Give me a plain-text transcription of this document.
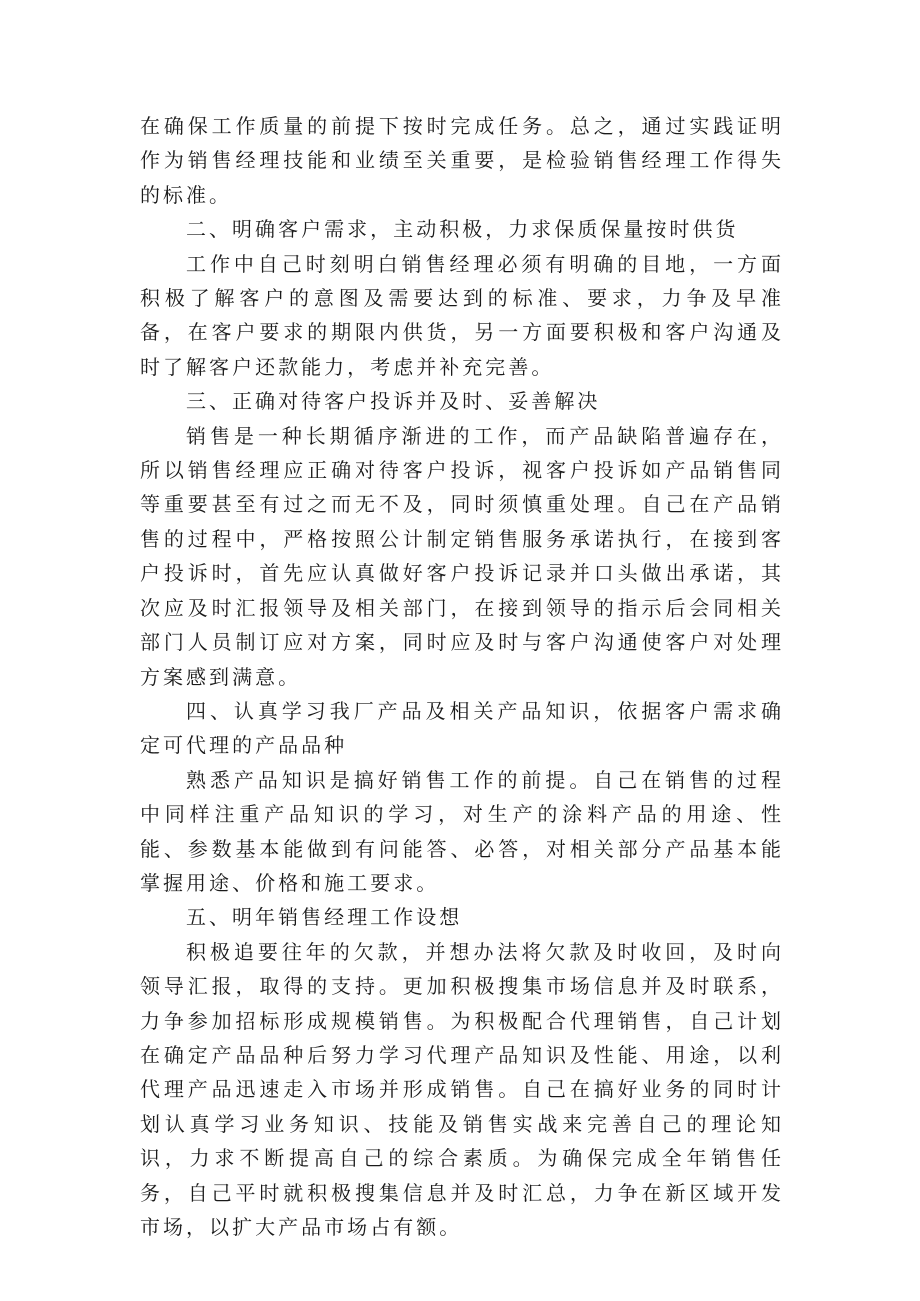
在确保工作质量的前提下按时完成任务。总之，通过实践证明作为销售经理技能和业绩至关重要，是检验销售经理工作得失的标准。

二、明确客户需求，主动积极，力求保质保量按时供货

工作中自己时刻明白销售经理必须有明确的目地，一方面积极了解客户的意图及需要达到的标准、要求，力争及早准备，在客户要求的期限内供货，另一方面要积极和客户沟通及时了解客户还款能力，考虑并补充完善。

三、正确对待客户投诉并及时、妥善解决

销售是一种长期循序渐进的工作，而产品缺陷普遍存在，所以销售经理应正确对待客户投诉，视客户投诉如产品销售同等重要甚至有过之而无不及，同时须慎重处理。自己在产品销售的过程中，严格按照公计制定销售服务承诺执行，在接到客户投诉时，首先应认真做好客户投诉记录并口头做出承诺，其次应及时汇报领导及相关部门，在接到领导的指示后会同相关部门人员制订应对方案，同时应及时与客户沟通使客户对处理方案感到满意。

四、认真学习我厂产品及相关产品知识，依据客户需求确定可代理的产品品种

熟悉产品知识是搞好销售工作的前提。自己在销售的过程中同样注重产品知识的学习，对生产的涂料产品的用途、性能、参数基本能做到有问能答、必答，对相关部分产品基本能掌握用途、价格和施工要求。

五、明年销售经理工作设想

积极追要往年的欠款，并想办法将欠款及时收回，及时向领导汇报，取得的支持。更加积极搜集市场信息并及时联系，力争参加招标形成规模销售。为积极配合代理销售，自己计划在确定产品品种后努力学习代理产品知识及性能、用途，以利代理产品迅速走入市场并形成销售。自己在搞好业务的同时计划认真学习业务知识、技能及销售实战来完善自己的理论知识，力求不断提高自己的综合素质。为确保完成全年销售任务，自己平时就积极搜集信息并及时汇总，力争在新区域开发市场，以扩大产品市场占有额。
